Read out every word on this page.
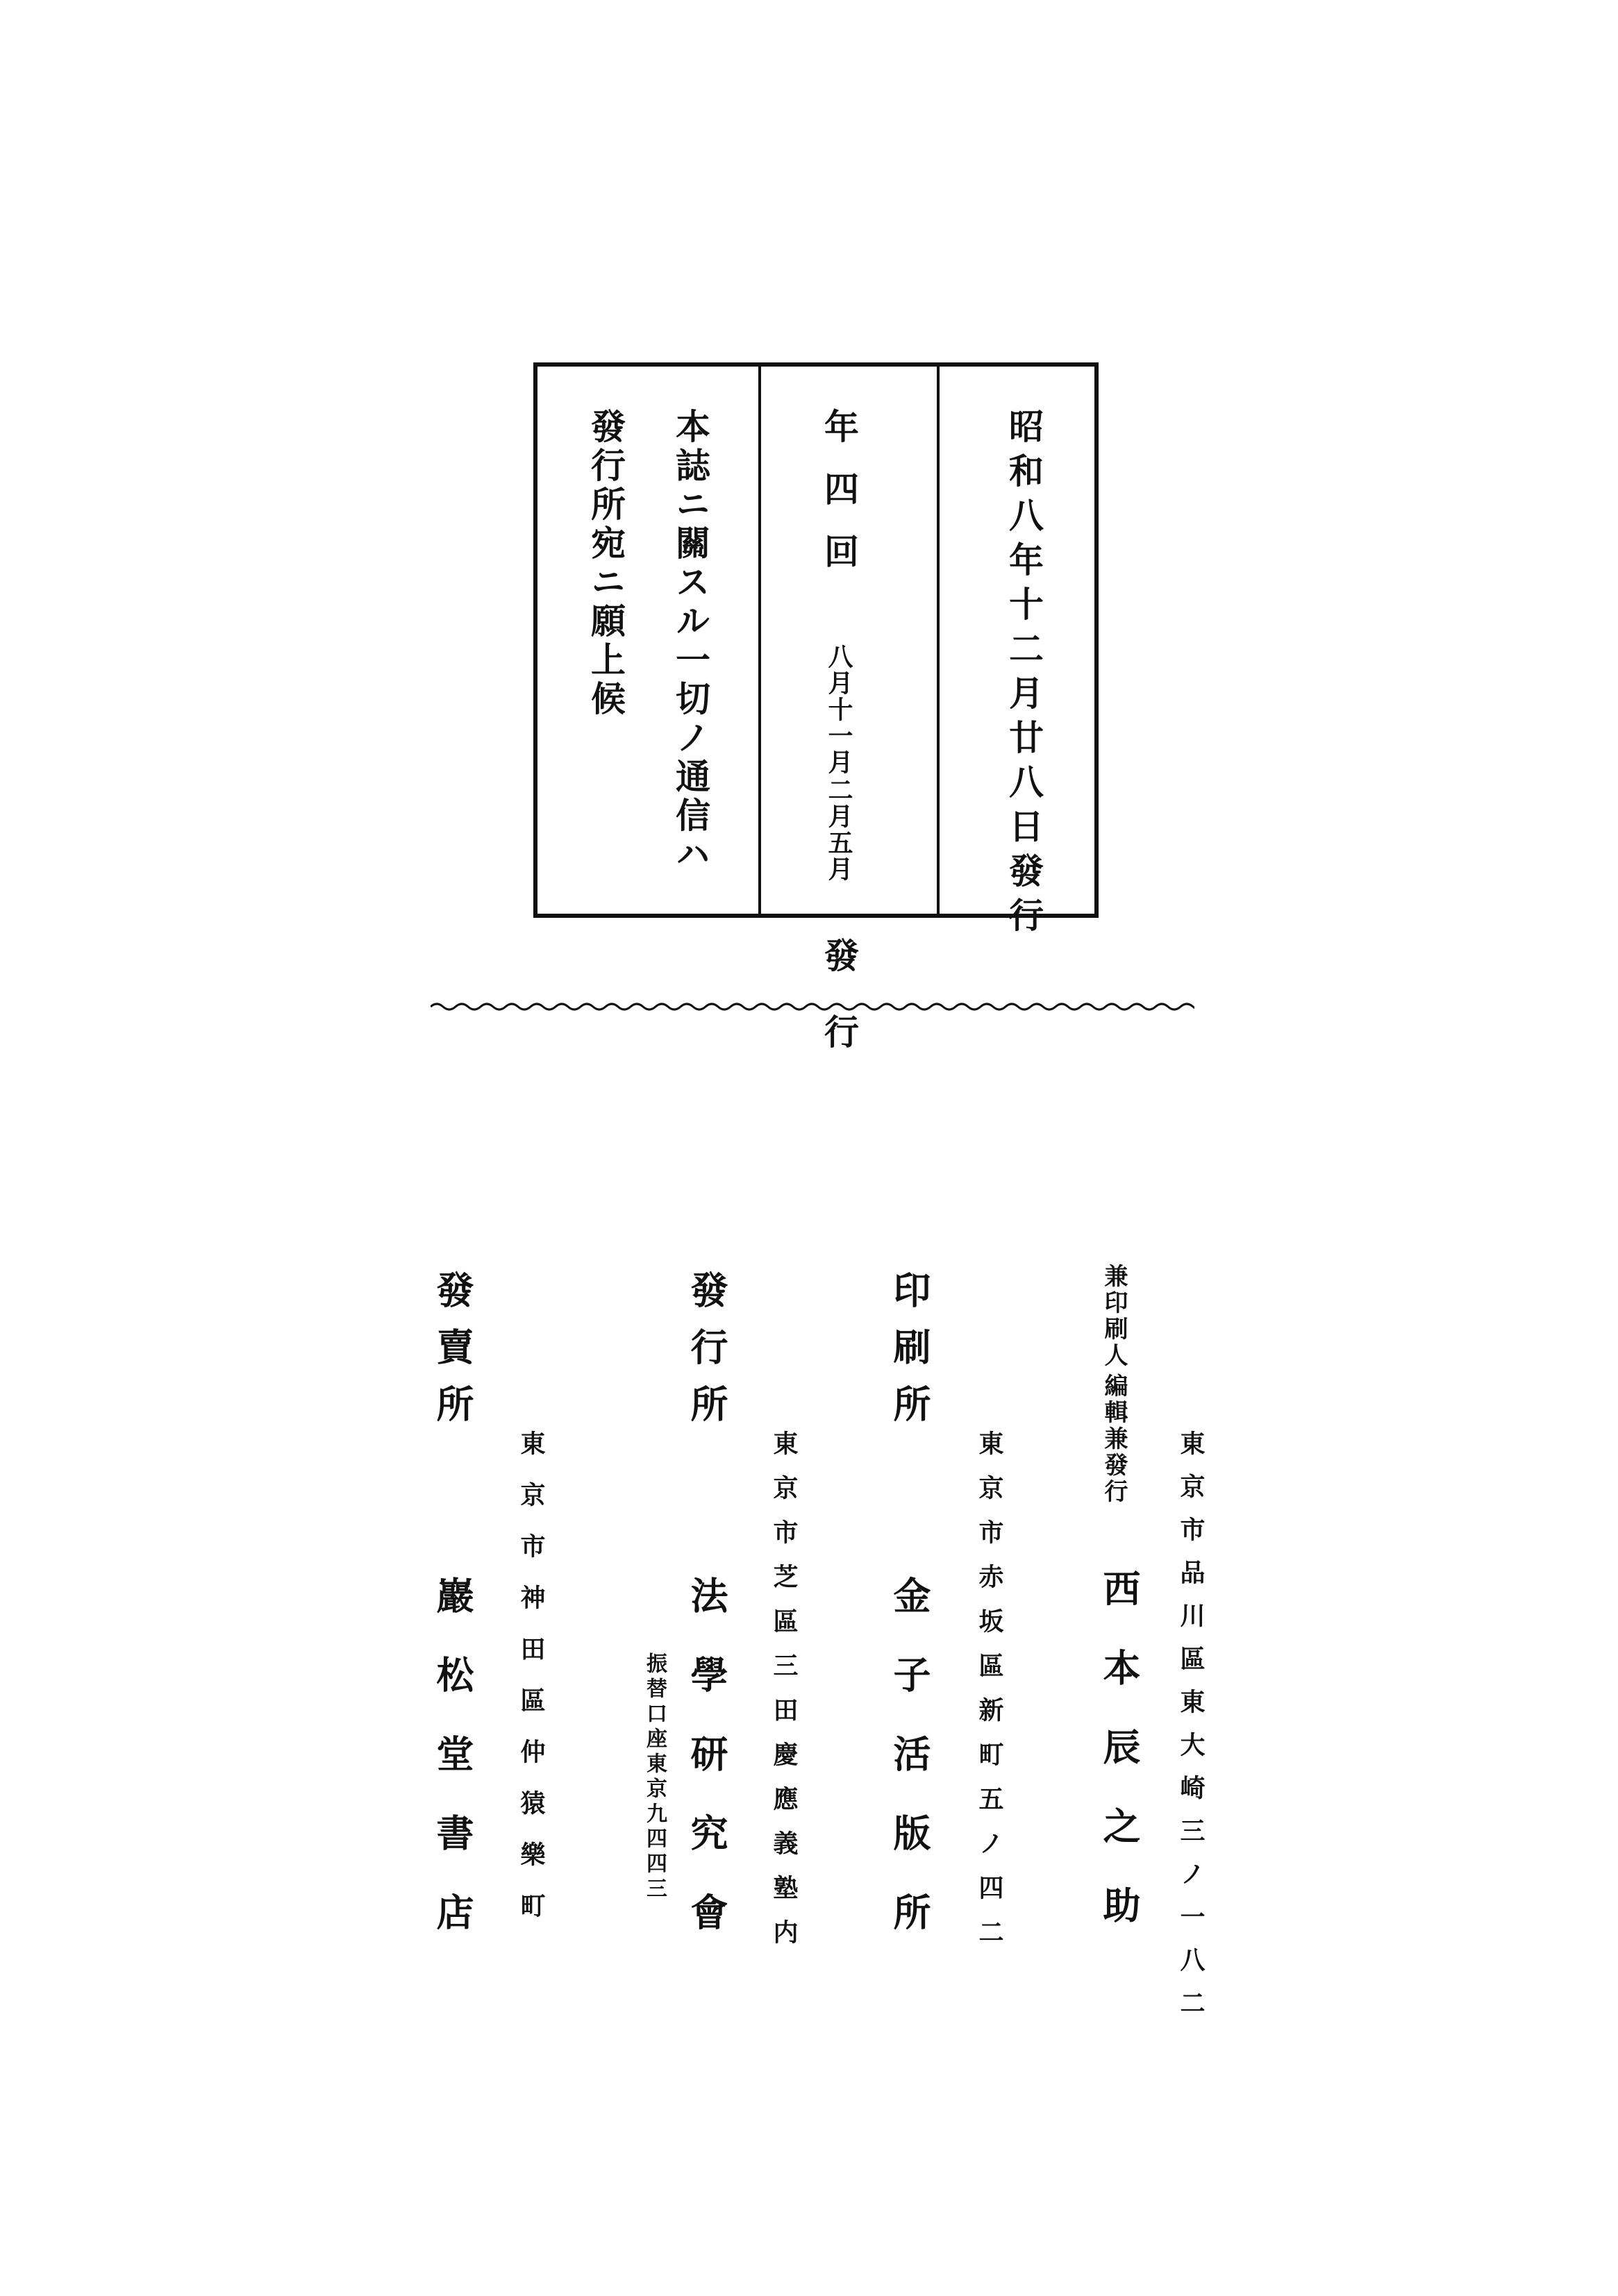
昭和八年十二月廿八日發行
年四回
二月五月
八月十一月
發行
本誌ニ關スル一切ノ通信ハ
發行所宛ニ願上候
編輯兼發行
兼印刷人
東京市品川區東大崎三ノ一八二
西本辰之助
印刷所
東京市赤坂區新町五ノ四二
金子活版所
發行所
東京市芝區三田慶應義塾内
法學研究會
振替口座東京九四四三
發賣所
東京市神田區仲猿樂町
巖松堂書店
